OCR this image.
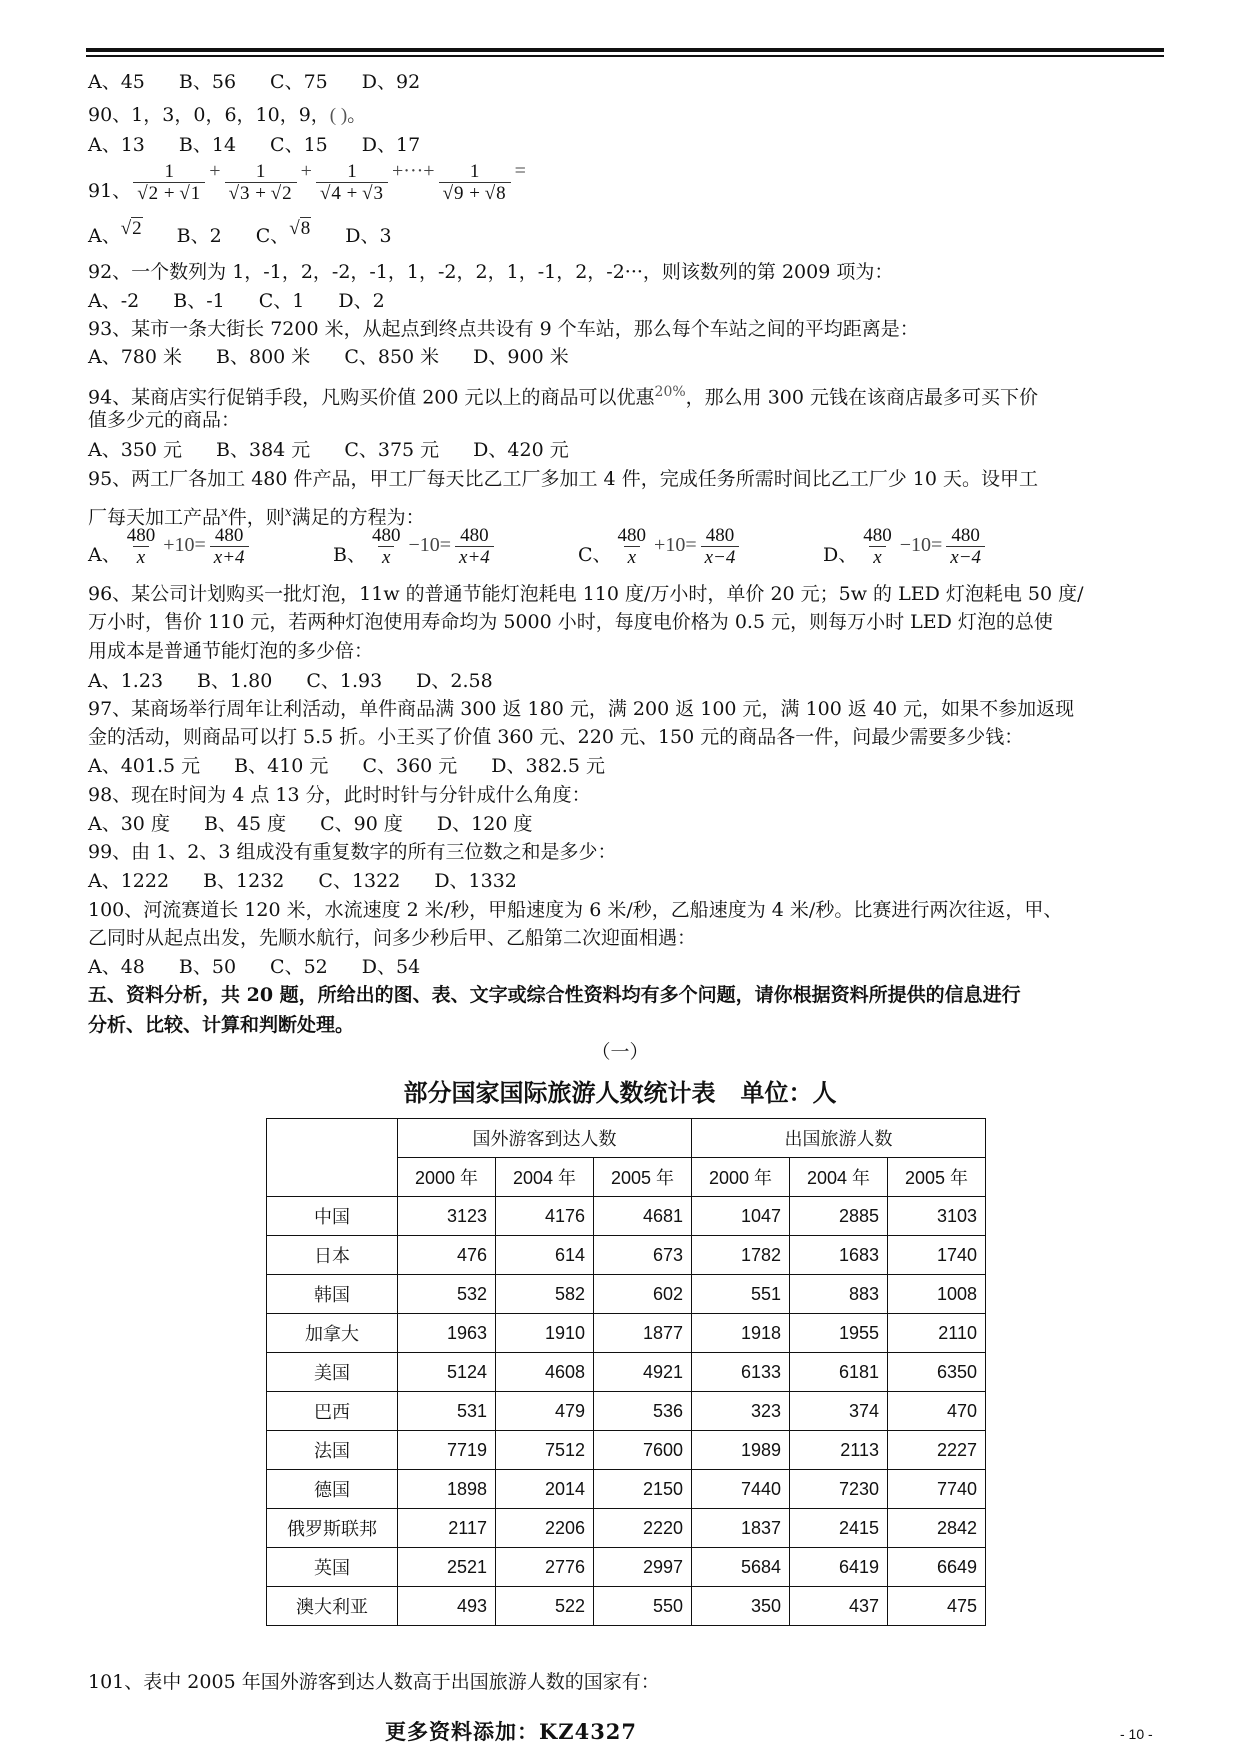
A、45 B、56 C、75 D、92
90、1，3，0，6，10，9，( )。
A、13 B、14 C、15 D、17
91、 $\frac{1}{√2 + √1} + \frac{1}{√3 + √2} + \frac{1}{√4 + √3}$ +···+ $\frac{1}{√9 + √8}$ =
A、√2 B、2 C、√8 D、3
92、一个数列为 1，-1，2，-2，-1，1，-2，2，1，-1，2，-2···，则该数列的第 2009 项为：
A、-2 B、-1 C、1 D、2
93、某市一条大街长 7200 米，从起点到终点共设有 9 个车站，那么每个车站之间的平均距离是：
A、780 米 B、800 米 C、850 米 D、900 米
94、某商店实行促销手段，凡购买价值 200 元以上的商品可以优惠$^{20\%}$，那么用 300 元钱在该商店最多可买下价
值多少元的商品：
A、350 元 B、384 元 C、375 元 D、420 元
95、两工厂各加工 480 件产品，甲工厂每天比乙工厂多加工 4 件，完成任务所需时间比乙工厂少 10 天。设甲工
厂每天加工产品$^x$件，则$^x$满足的方程为：
A、 $\frac{480}{x} +10= \frac{480}{x+4}$	B、 $\frac{480}{x} -10= \frac{480}{x+4}$	C、 $\frac{480}{x} +10= \frac{480}{x-4}$	D、 $\frac{480}{x} -10= \frac{480}{x-4}$
96、某公司计划购买一批灯泡，11w 的普通节能灯泡耗电 110 度/万小时，单价 20 元；5w 的 LED 灯泡耗电 50 度/
万小时，售价 110 元，若两种灯泡使用寿命均为 5000 小时，每度电价格为 0.5 元，则每万小时 LED 灯泡的总使
用成本是普通节能灯泡的多少倍：
A、1.23 B、1.80 C、1.93 D、2.58
97、某商场举行周年让利活动，单件商品满 300 返 180 元，满 200 返 100 元，满 100 返 40 元，如果不参加返现
金的活动，则商品可以打 5.5 折。小王买了价值 360 元、220 元、150 元的商品各一件，问最少需要多少钱：
A、401.5 元 B、410 元 C、360 元 D、382.5 元
98、现在时间为 4 点 13 分，此时时针与分针成什么角度：
A、30 度 B、45 度 C、90 度 D、120 度
99、由 1、2、3 组成没有重复数字的所有三位数之和是多少：
A、1222 B、1232 C、1322 D、1332
100、河流赛道长 120 米，水流速度 2 米/秒，甲船速度为 6 米/秒，乙船速度为 4 米/秒。比赛进行两次往返，甲、
乙同时从起点出发，先顺水航行，问多少秒后甲、乙船第二次迎面相遇：
A、48 B、50 C、52 D、54
五、资料分析，共 20 题，所给出的图、表、文字或综合性资料均有多个问题，请你根据资料所提供的信息进行
分析、比较、计算和判断处理。
（一）
部分国家国际旅游人数统计表   单位：人
	国外游客到达人数			出国旅游人数		
	2000 年	2004 年	2005 年	2000 年	2004 年	2005 年
中国	3123	4176	4681	1047	2885	3103
日本	476	614	673	1782	1683	1740
韩国	532	582	602	551	883	1008
加拿大	1963	1910	1877	1918	1955	2110
美国	5124	4608	4921	6133	6181	6350
巴西	531	479	536	323	374	470
法国	7719	7512	7600	1989	2113	2227
德国	1898	2014	2150	7440	7230	7740
俄罗斯联邦	2117	2206	2220	1837	2415	2842
英国	2521	2776	2997	5684	6419	6649
澳大利亚	493	522	550	350	437	475
101、表中 2005 年国外游客到达人数高于出国旅游人数的国家有：
更多资料添加：KZ4327	- 10 -
